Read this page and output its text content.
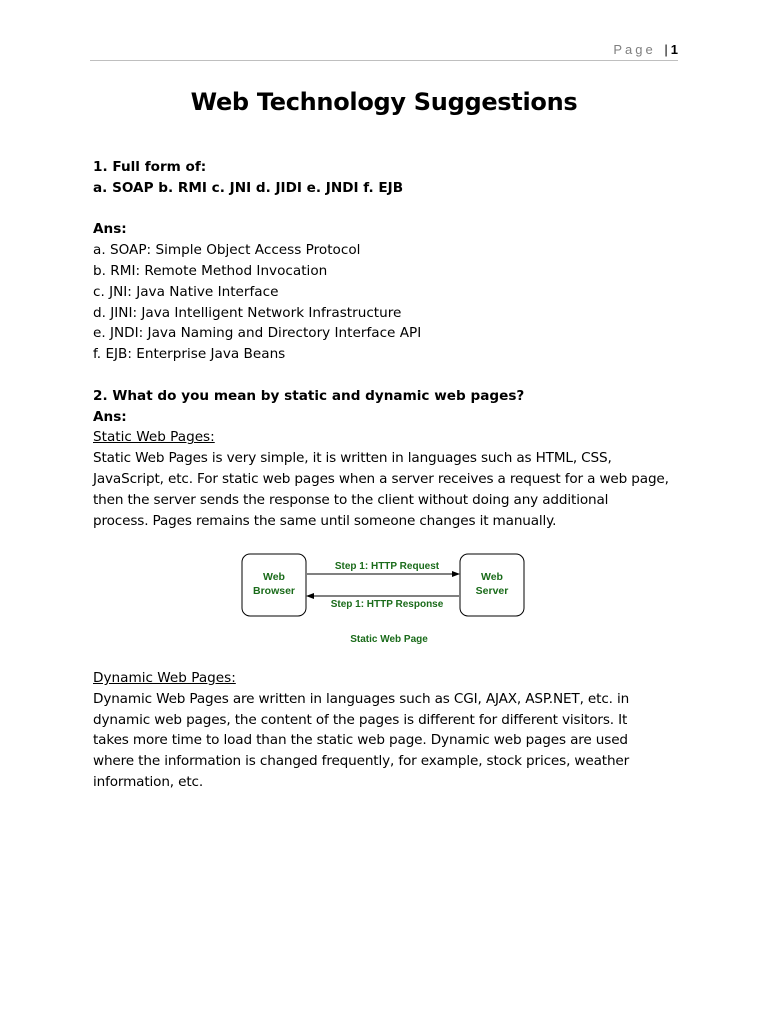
Page | 1
Web Technology Suggestions

1. Full form of:

a. SOAP b. RMI c. JNI d. JIDI e. JNDI f. EJB

Ans:

a. SOAP: Simple Object Access Protocol

b. RMI: Remote Method Invocation

c. JNI: Java Native Interface

d. JINI: Java Intelligent Network Infrastructure

e. JNDI: Java Naming and Directory Interface API

f. EJB: Enterprise Java Beans

2. What do you mean by static and dynamic web pages?

Ans:

Static Web Pages:

Static Web Pages is very simple, it is written in languages such as HTML, CSS,

JavaScript, etc. For static web pages when a server receives a request for a web page,

then the server sends the response to the client without doing any additional

process. Pages remains the same until someone changes it manually.

Web
Browser
Web
Server
Step 1: HTTP Request
Step 1: HTTP Response
Static Web Page

Dynamic Web Pages:

Dynamic Web Pages are written in languages such as CGI, AJAX, ASP.NET, etc. in

dynamic web pages, the content of the pages is different for different visitors. It

takes more time to load than the static web page. Dynamic web pages are used

where the information is changed frequently, for example, stock prices, weather

information, etc.
